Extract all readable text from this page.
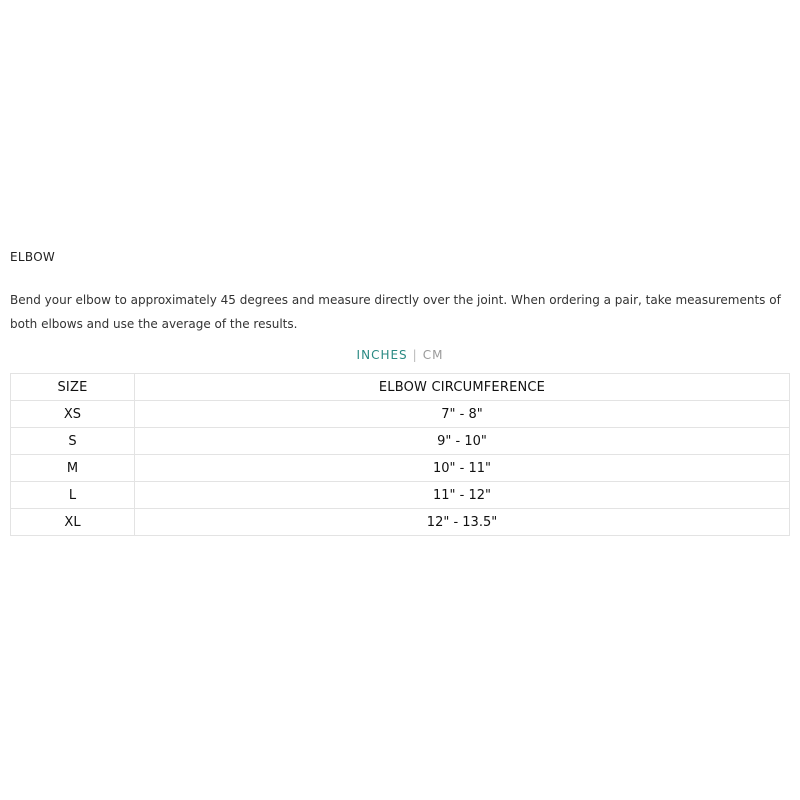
ELBOW
Bend your elbow to approximately 45 degrees and measure directly over the joint. When ordering a pair, take measurements of both elbows and use the average of the results.
INCHES | CM
SIZE	ELBOW CIRCUMFERENCE
XS	7" - 8"
S	9" - 10"
M	10" - 11"
L	11" - 12"
XL	12" - 13.5"
